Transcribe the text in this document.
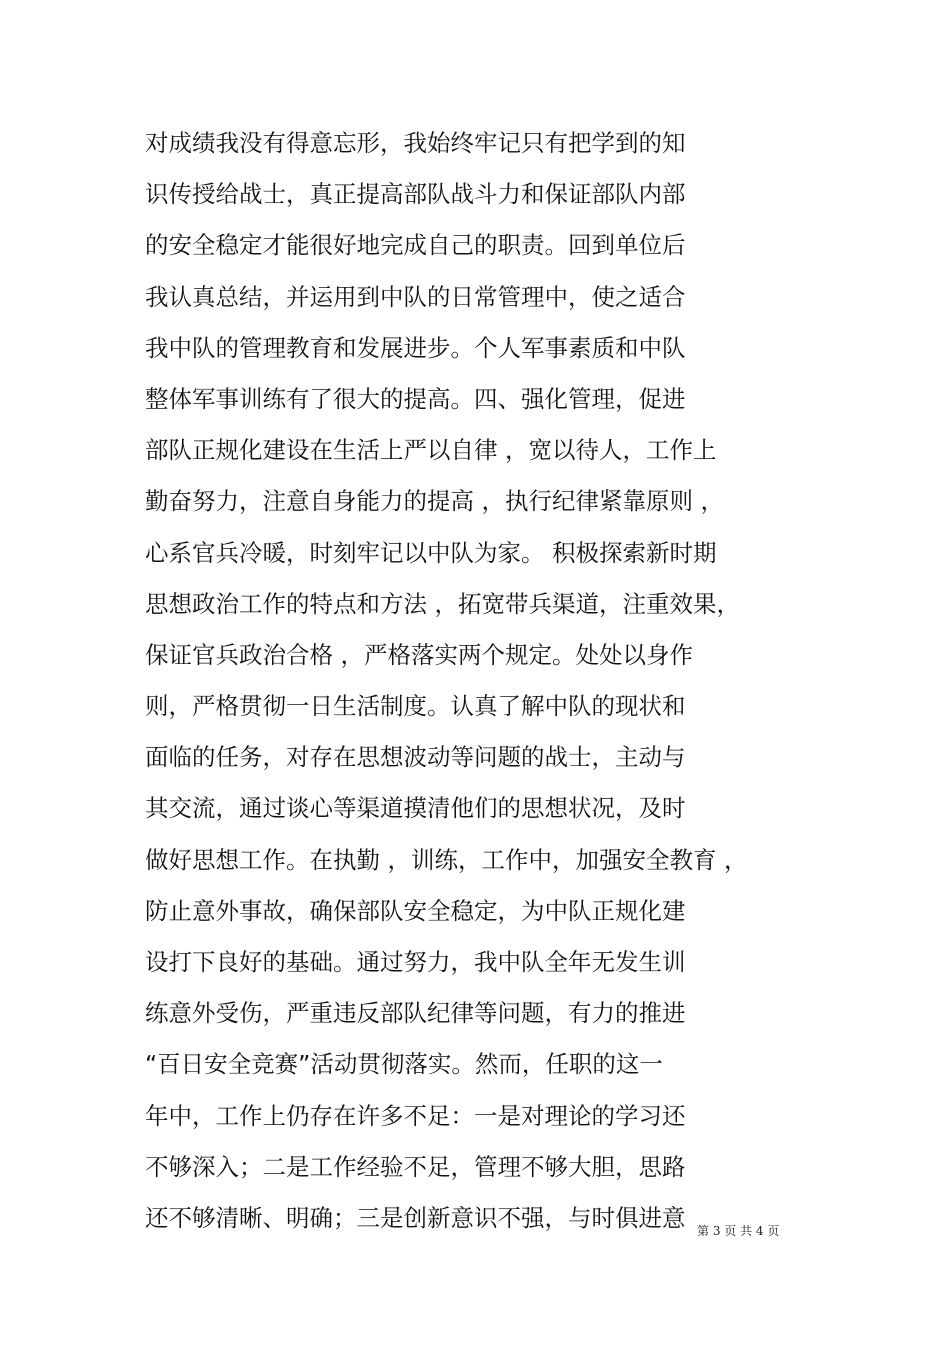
对成绩我没有得意忘形，我始终牢记只有把学到的知
识传授给战士，真正提高部队战斗力和保证部队内部
的安全稳定才能很好地完成自己的职责。回到单位后
我认真总结，并运用到中队的日常管理中，使之适合
我中队的管理教育和发展进步。个人军事素质和中队
整体军事训练有了很大的提高。四、强化管理，促进
部队正规化建设在生活上严以自律 ，宽以待人，工作上
勤奋努力，注意自身能力的提高 ，执行纪律紧靠原则 ，
心系官兵冷暖，时刻牢记以中队为家。 积极探索新时期
思想政治工作的特点和方法 ，拓宽带兵渠道，注重效果，
保证官兵政治合格 ，严格落实两个规定。处处以身作
则，严格贯彻一日生活制度。认真了解中队的现状和
面临的任务，对存在思想波动等问题的战士，主动与
其交流，通过谈心等渠道摸清他们的思想状况，及时
做好思想工作。在执勤 ，训练，工作中，加强安全教育 ，
防止意外事故，确保部队安全稳定，为中队正规化建
设打下良好的基础。通过努力，我中队全年无发生训
练意外受伤，严重违反部队纪律等问题，有力的推进
“百日安全竞赛”活动贯彻落实。然而，任职的这一
年中，工作上仍存在许多不足：一是对理论的学习还
不够深入；二是工作经验不足，管理不够大胆，思路
还不够清晰、明确；三是创新意识不强，与时俱进意 第 3 页 共 4 页
